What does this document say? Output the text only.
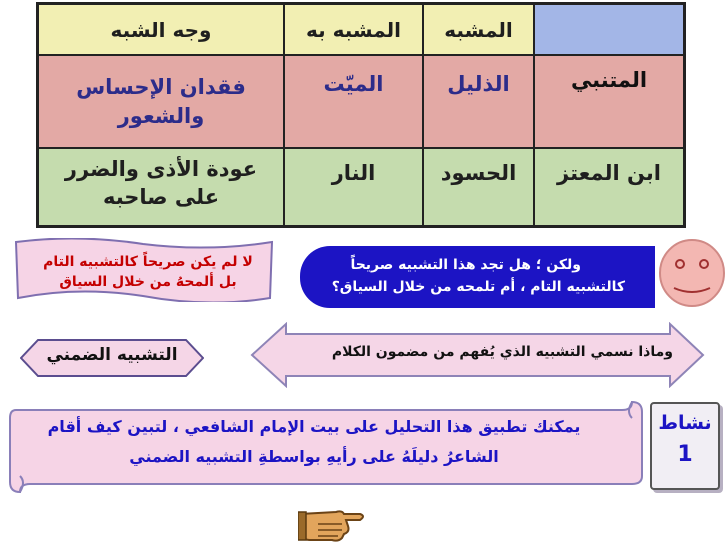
المشبه
المشبه به
وجه الشبه
المتنبي
الذليل
الميّت
فقدان الإحساس
والشعور
ابن المعتز
الحسود
النار
عودة الأذى والضرر
على صاحبه
ولكن ؛ هل تجد هذا التشبيه صريحاً
كالتشبيه التام ، أم تلمحه من خلال السياق؟
لا لم يكن صريحاً كالتشبيه التام
بل ألمحهُ من خلال السياق
وماذا نسمي التشبيه الذي يُفهم من مضمون الكلام
التشبيه الضمني
يمكنك تطبيق هذا التحليل على بيت الإمام الشافعي ، لتبين كيف أقام
الشاعرُ دليلَهُ على رأيهِ بواسطةِ التشبيه الضمني
نشاط
1
